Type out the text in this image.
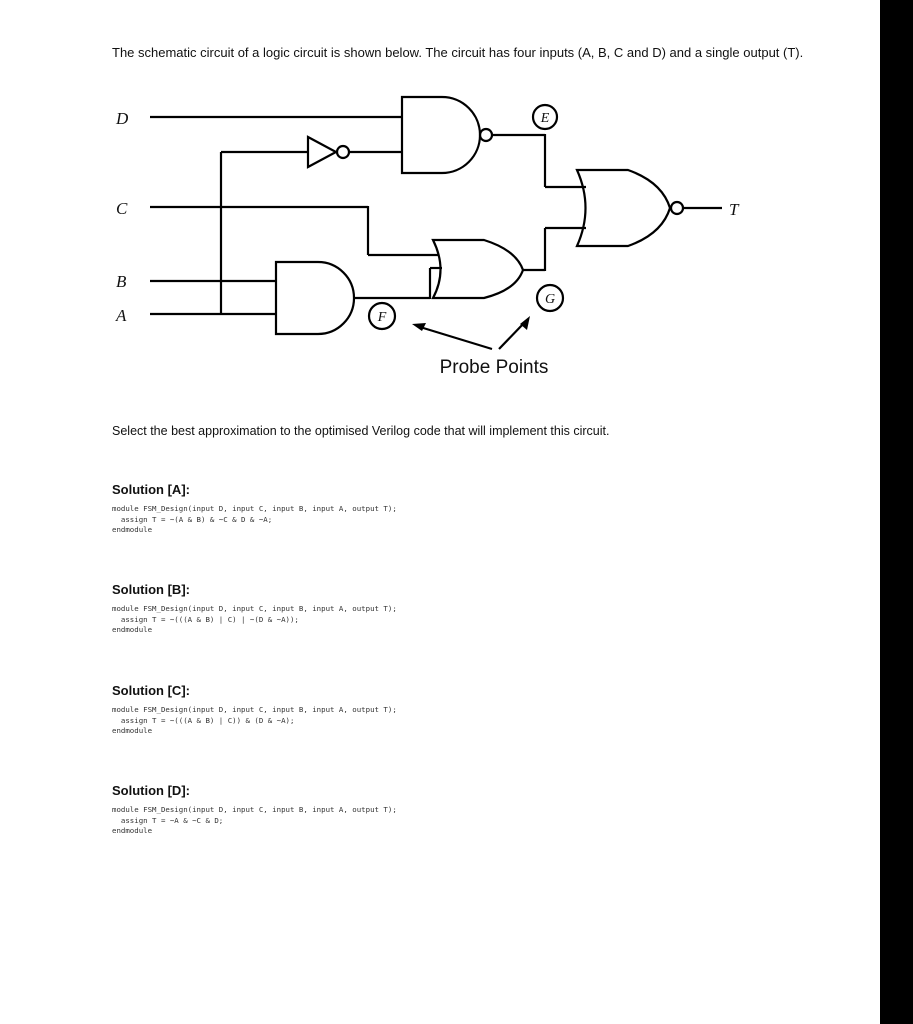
The schematic circuit of a logic circuit is shown below. The circuit has four inputs (A, B, C and D) and a single output (T).

D
C
B
A
T
E
F
G
Probe Points

Select the best approximation to the optimised Verilog code that will implement this circuit.

Solution [A]:

module FSM_Design(input D, input C, input B, input A, output T);

assign T = ~(A & B) & ~C & D & ~A;

endmodule

Solution [B]:

module FSM_Design(input D, input C, input B, input A, output T);

assign T = ~(((A & B) | C) | ~(D & ~A));

endmodule

Solution [C]:

module FSM_Design(input D, input C, input B, input A, output T);

assign T = ~(((A & B) | C)) & (D & ~A);

endmodule

Solution [D]:

module FSM_Design(input D, input C, input B, input A, output T);

assign T = ~A & ~C & D;

endmodule
